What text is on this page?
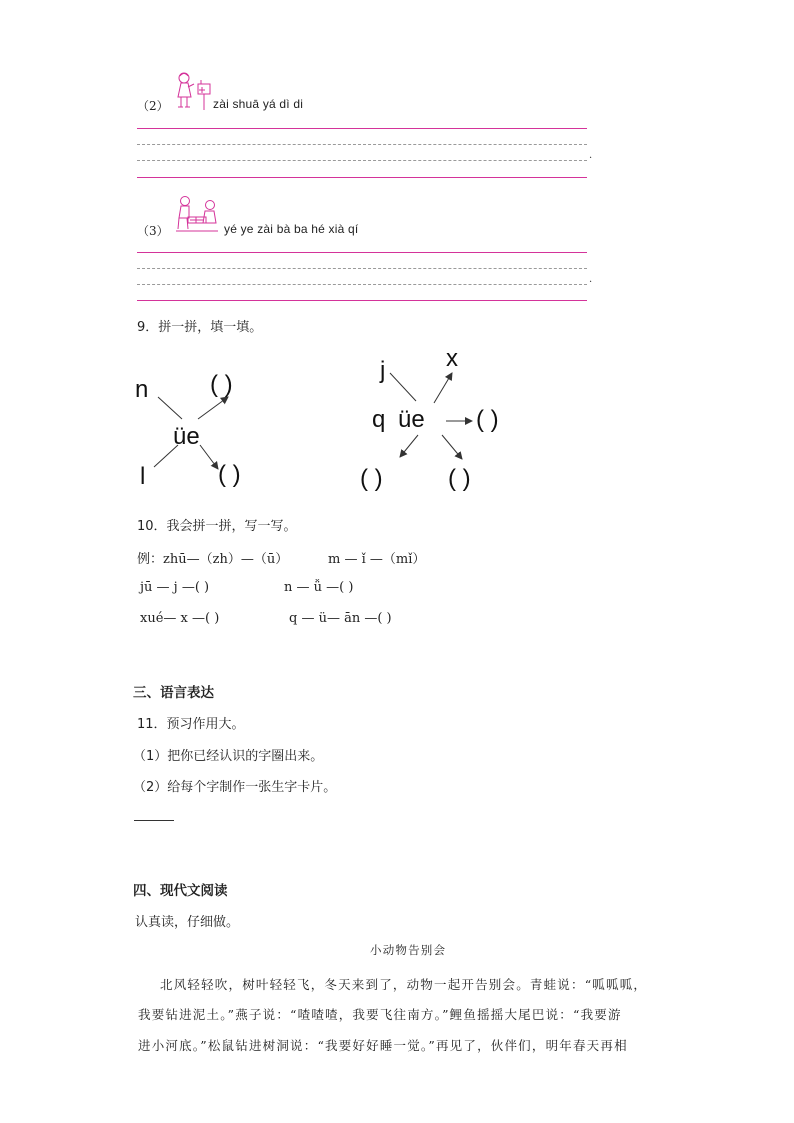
（2）	zài shuā yá dì di
.
（3）	yé ye zài bà ba hé xià qí
.
9．拼一拼，填一填。
n	( )
üe
l	( )
j	x
q üe ( )
( )	( )
10．我会拼一拼，写一写。
例：zhū—（zh）—（ū）	m — ǐ —（mǐ）
jū — j —( )	n — ǚ —( )
xué— x —( )	q — ü— ān —( )
三、语言表达
11．预习作用大。
（1）把你已经认识的字圈出来。
（2）给每个字制作一张生字卡片。
四、现代文阅读
认真读，仔细做。
小动物告别会
北风轻轻吹，树叶轻轻飞，冬天来到了，动物一起开告别会。青蛙说：“呱呱呱，
我要钻进泥土。”燕子说：“喳喳喳，我要飞往南方。”鲤鱼摇摇大尾巴说：“我要游
进小河底。”松鼠钻进树洞说：“我要好好睡一觉。”再见了，伙伴们，明年春天再相
